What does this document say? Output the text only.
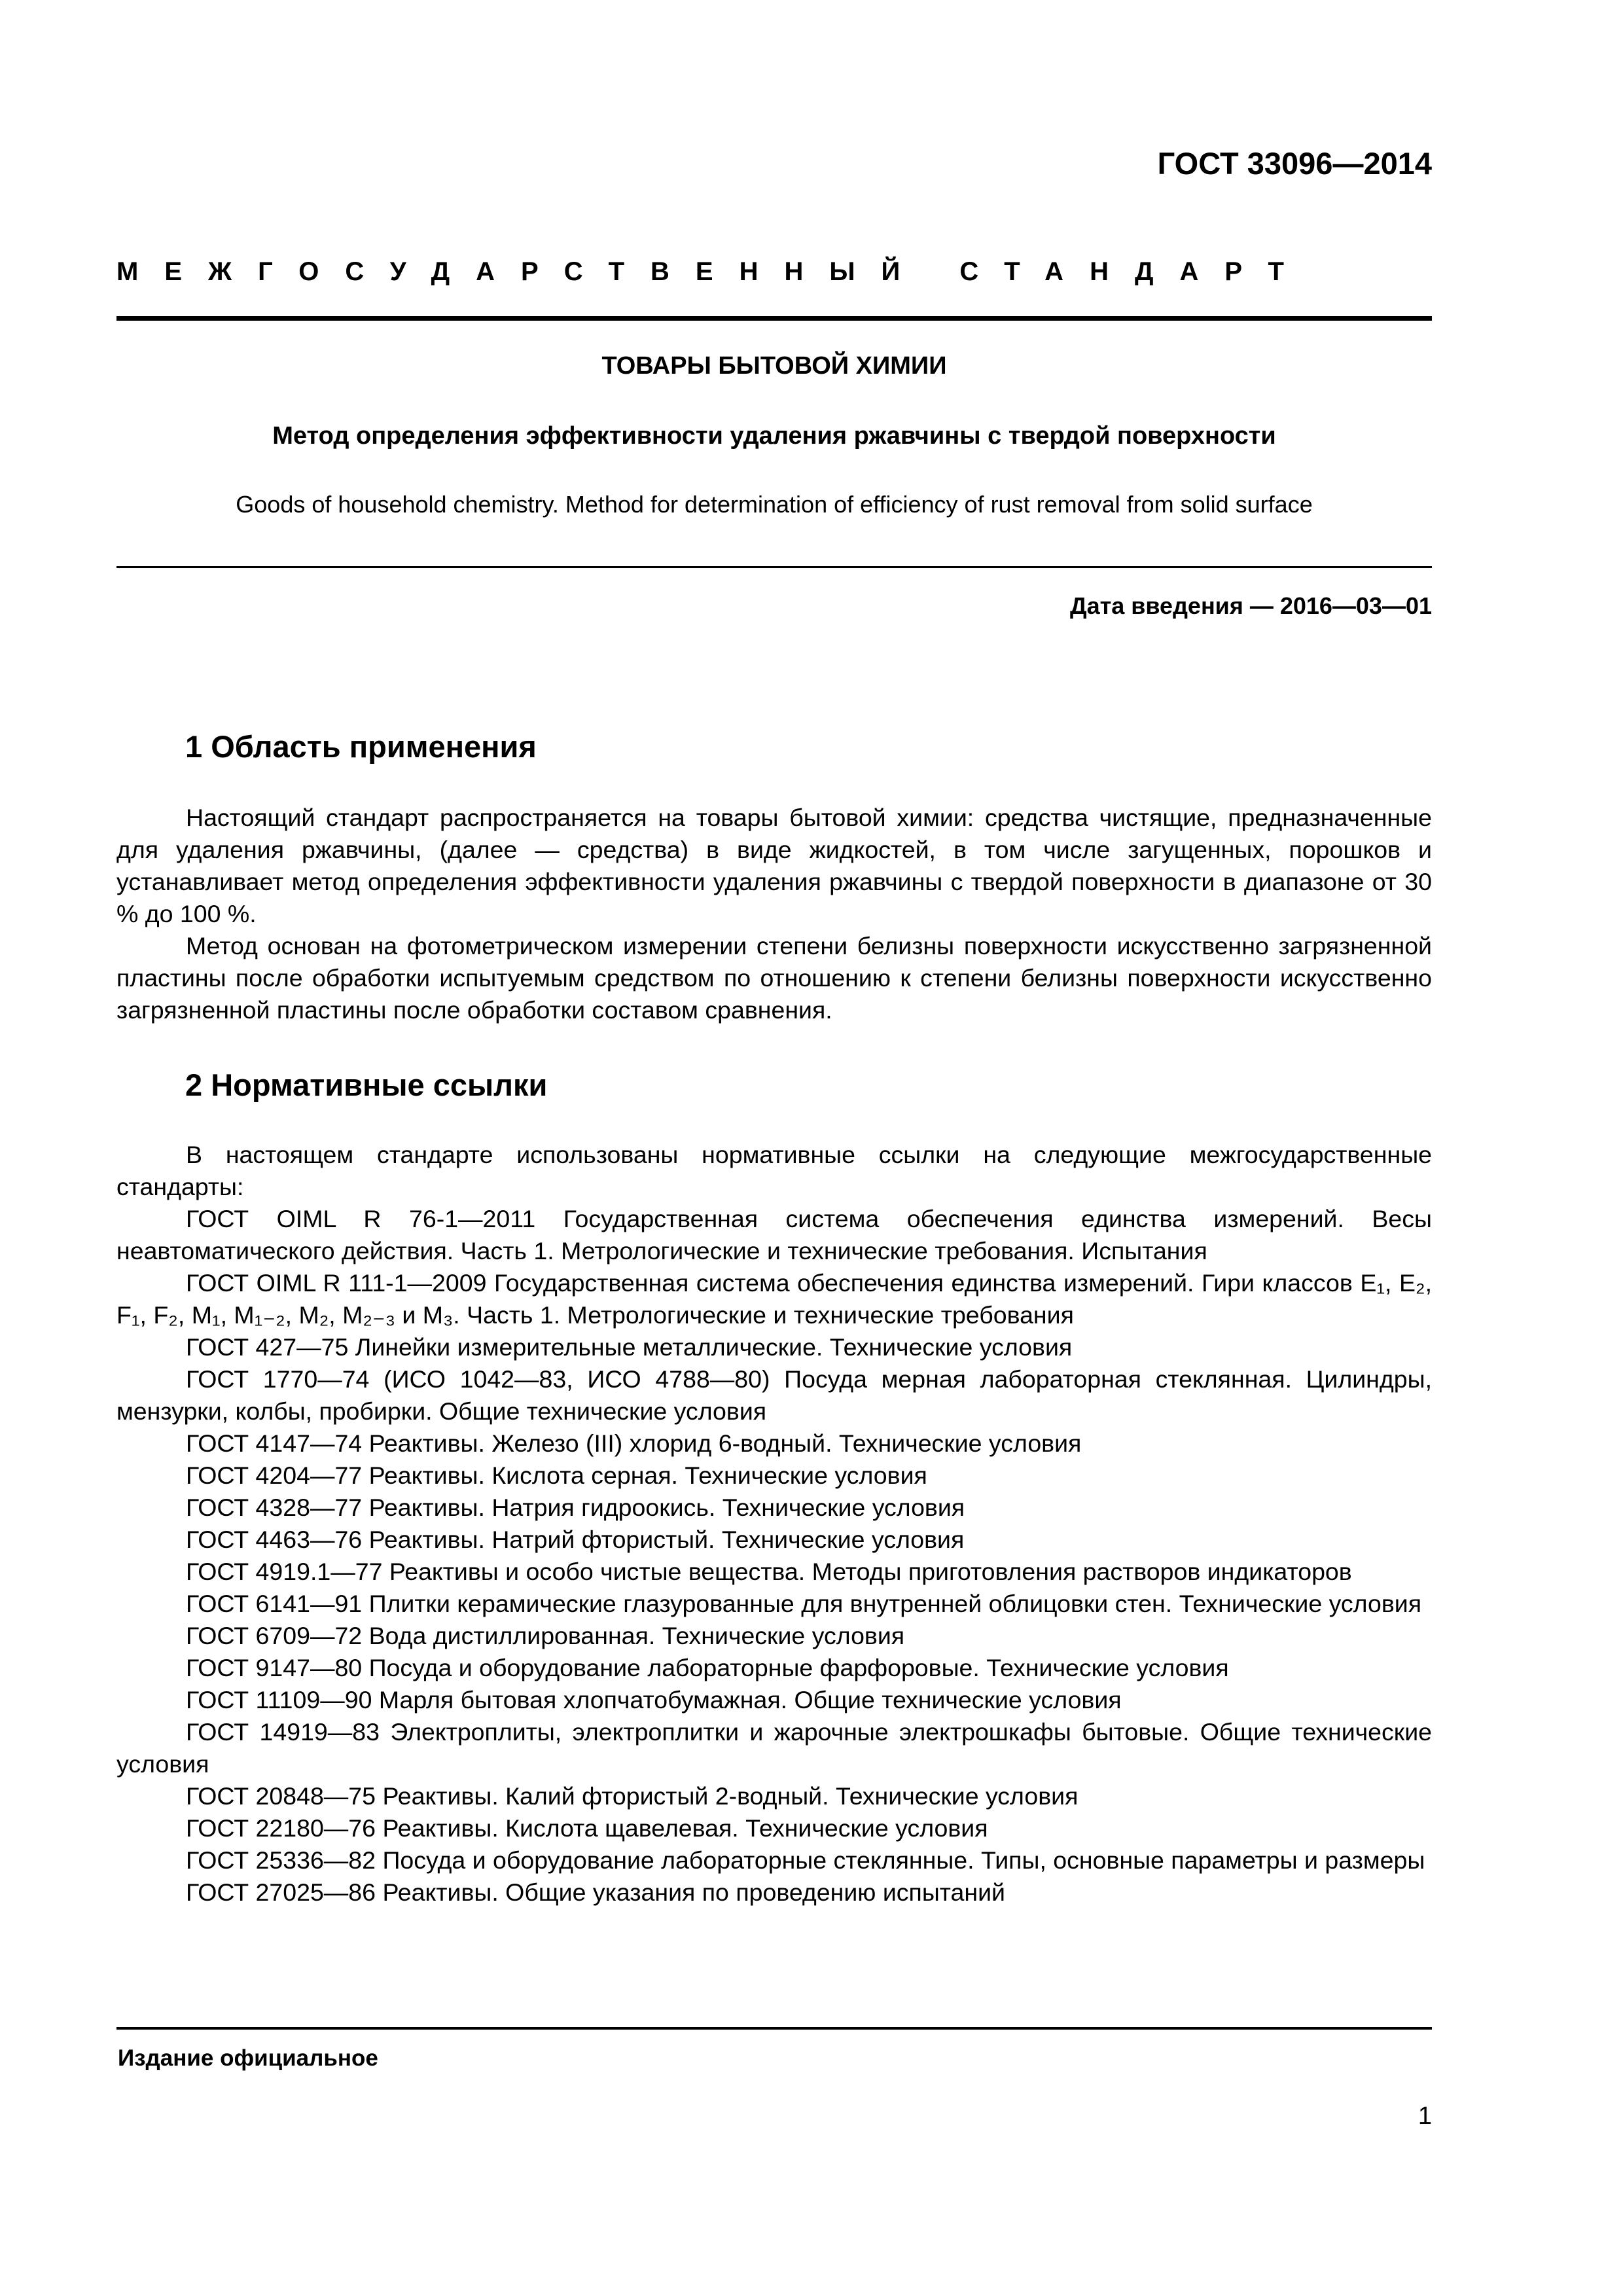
ГОСТ 33096—2014
МЕЖГОСУДАРСТВЕННЫЙ СТАНДАРТ
ТОВАРЫ БЫТОВОЙ ХИМИИ
Метод определения эффективности удаления ржавчины с твердой поверхности
Goods of household chemistry. Method for determination of efficiency of rust removal from solid surface
Дата введения — 2016—03—01
1 Область применения

Настоящий стандарт распространяется на товары бытовой химии: средства чистящие, предназначенные для удаления ржавчины, (далее — средства) в виде жидкостей, в том числе загущенных, порошков и устанавливает метод определения эффективности удаления ржавчины с твердой поверхности в диапазоне от 30 % до 100 %.

Метод основан на фотометрическом измерении степени белизны поверхности искусственно загрязненной пластины после обработки испытуемым средством по отношению к степени белизны поверхности искусственно загрязненной пластины после обработки составом сравнения.

2 Нормативные ссылки

В настоящем стандарте использованы нормативные ссылки на следующие межгосударственные стандарты:

ГОСТ OIML R 76-1—2011 Государственная система обеспечения единства измерений. Весы неавтоматического действия. Часть 1. Метрологические и технические требования. Испытания

ГОСТ OIML R 111-1—2009 Государственная система обеспечения единства измерений. Гири классов E₁, E₂, F₁, F₂, M₁, M₁₋₂, M₂, M₂₋₃ и M₃. Часть 1. Метрологические и технические требования

ГОСТ 427—75 Линейки измерительные металлические. Технические условия

ГОСТ 1770—74 (ИСО 1042—83, ИСО 4788—80) Посуда мерная лабораторная стеклянная. Цилиндры, мензурки, колбы, пробирки. Общие технические условия

ГОСТ 4147—74 Реактивы. Железо (III) хлорид 6-водный. Технические условия

ГОСТ 4204—77 Реактивы. Кислота серная. Технические условия

ГОСТ 4328—77 Реактивы. Натрия гидроокись. Технические условия

ГОСТ 4463—76 Реактивы. Натрий фтористый. Технические условия

ГОСТ 4919.1—77 Реактивы и особо чистые вещества. Методы приготовления растворов индикаторов

ГОСТ 6141—91 Плитки керамические глазурованные для внутренней облицовки стен. Технические условия

ГОСТ 6709—72 Вода дистиллированная. Технические условия

ГОСТ 9147—80 Посуда и оборудование лабораторные фарфоровые. Технические условия

ГОСТ 11109—90 Марля бытовая хлопчатобумажная. Общие технические условия

ГОСТ 14919—83 Электроплиты, электроплитки и жарочные электрошкафы бытовые. Общие технические условия

ГОСТ 20848—75 Реактивы. Калий фтористый 2-водный. Технические условия

ГОСТ 22180—76 Реактивы. Кислота щавелевая. Технические условия

ГОСТ 25336—82 Посуда и оборудование лабораторные стеклянные. Типы, основные параметры и размеры

ГОСТ 27025—86 Реактивы. Общие указания по проведению испытаний

Издание официальное
1
